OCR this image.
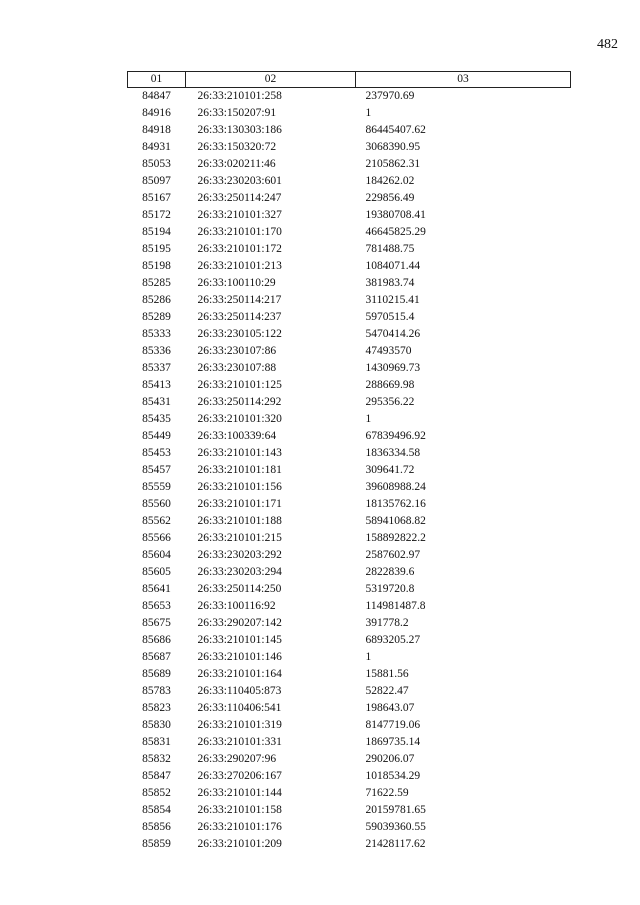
482
01	02	03
84847	26:33:210101:258	237970.69
84916	26:33:150207:91	1
84918	26:33:130303:186	86445407.62
84931	26:33:150320:72	3068390.95
85053	26:33:020211:46	2105862.31
85097	26:33:230203:601	184262.02
85167	26:33:250114:247	229856.49
85172	26:33:210101:327	19380708.41
85194	26:33:210101:170	46645825.29
85195	26:33:210101:172	781488.75
85198	26:33:210101:213	1084071.44
85285	26:33:100110:29	381983.74
85286	26:33:250114:217	3110215.41
85289	26:33:250114:237	5970515.4
85333	26:33:230105:122	5470414.26
85336	26:33:230107:86	47493570
85337	26:33:230107:88	1430969.73
85413	26:33:210101:125	288669.98
85431	26:33:250114:292	295356.22
85435	26:33:210101:320	1
85449	26:33:100339:64	67839496.92
85453	26:33:210101:143	1836334.58
85457	26:33:210101:181	309641.72
85559	26:33:210101:156	39608988.24
85560	26:33:210101:171	18135762.16
85562	26:33:210101:188	58941068.82
85566	26:33:210101:215	158892822.2
85604	26:33:230203:292	2587602.97
85605	26:33:230203:294	2822839.6
85641	26:33:250114:250	5319720.8
85653	26:33:100116:92	114981487.8
85675	26:33:290207:142	391778.2
85686	26:33:210101:145	6893205.27
85687	26:33:210101:146	1
85689	26:33:210101:164	15881.56
85783	26:33:110405:873	52822.47
85823	26:33:110406:541	198643.07
85830	26:33:210101:319	8147719.06
85831	26:33:210101:331	1869735.14
85832	26:33:290207:96	290206.07
85847	26:33:270206:167	1018534.29
85852	26:33:210101:144	71622.59
85854	26:33:210101:158	20159781.65
85856	26:33:210101:176	59039360.55
85859	26:33:210101:209	21428117.62
